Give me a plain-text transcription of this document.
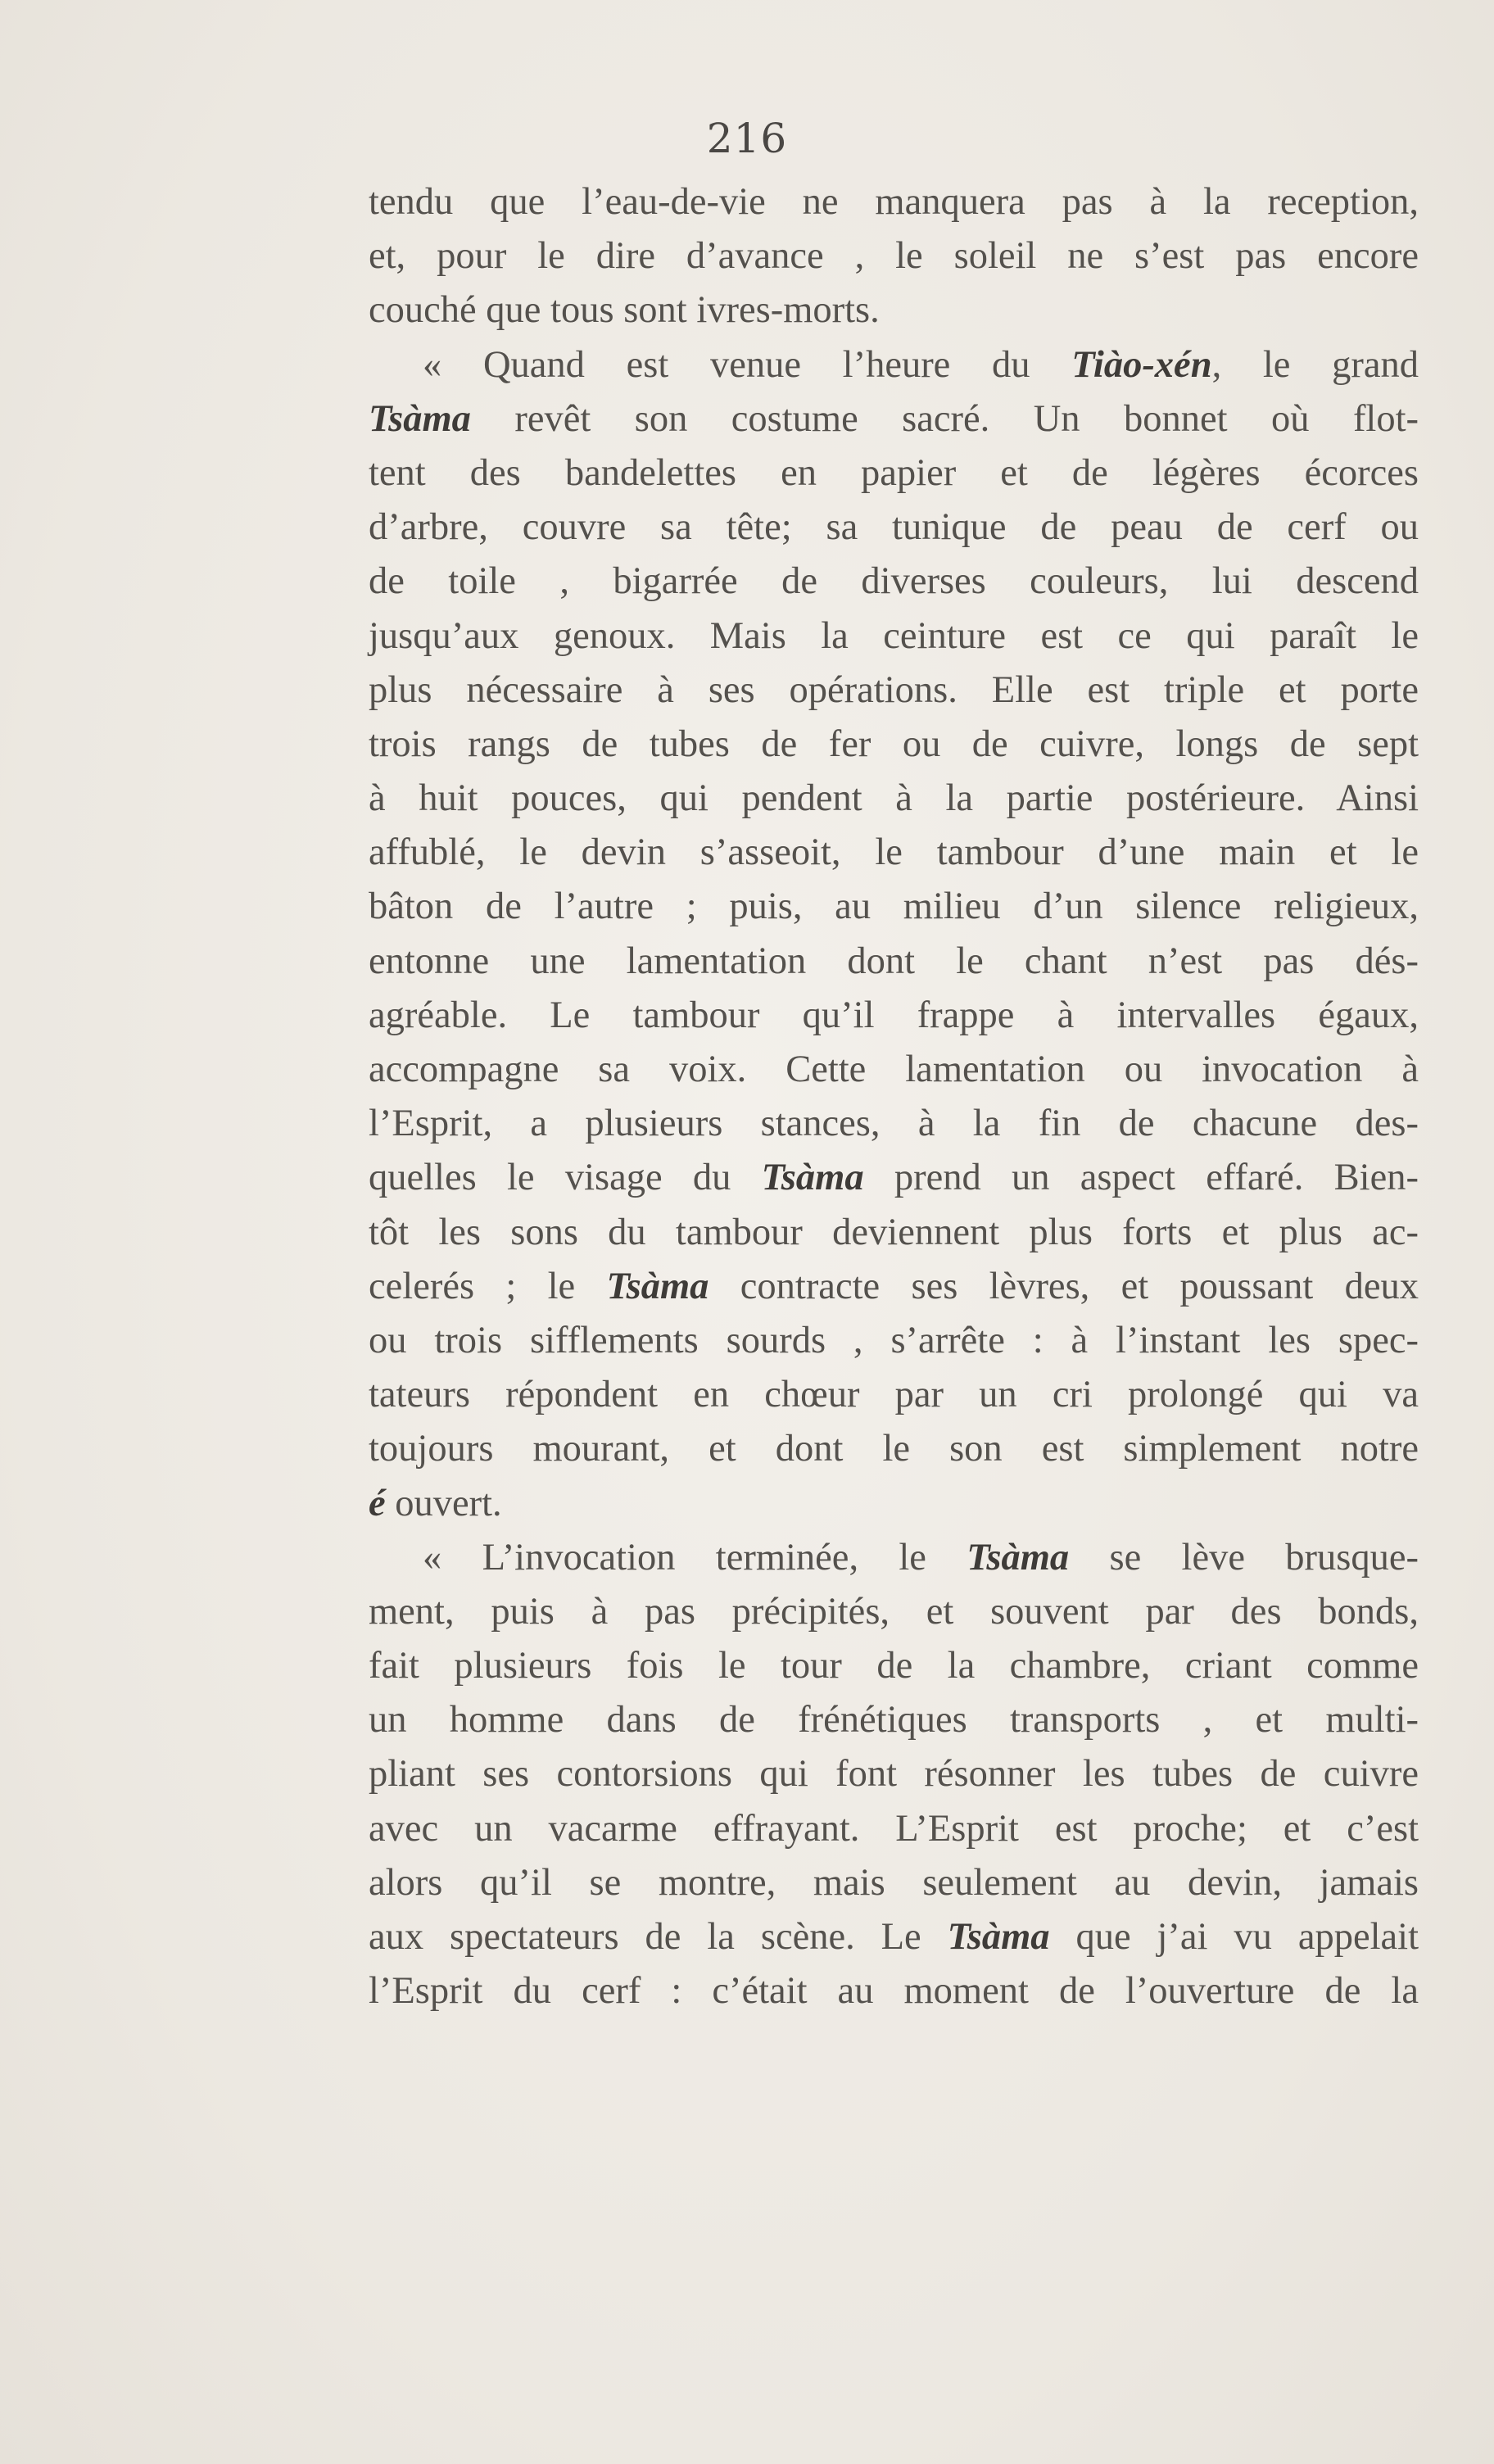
216
tendu que l’eau-de-vie ne manquera pas à la reception,
et, pour le dire d’avance , le soleil ne s’est pas encore
couché que tous sont ivres-morts.
« Quand est venue l’heure du Tiào-xén, le grand
Tsàma revêt son costume sacré. Un bonnet où flot-
tent des bandelettes en papier et de légères écorces
d’arbre, couvre sa tête; sa tunique de peau de cerf ou
de toile , bigarrée de diverses couleurs, lui descend
jusqu’aux genoux. Mais la ceinture est ce qui paraît le
plus nécessaire à ses opérations. Elle est triple et porte
trois rangs de tubes de fer ou de cuivre, longs de sept
à huit pouces, qui pendent à la partie postérieure. Ainsi
affublé, le devin s’asseoit, le tambour d’une main et le
bâton de l’autre ; puis, au milieu d’un silence religieux,
entonne une lamentation dont le chant n’est pas dés-
agréable. Le tambour qu’il frappe à intervalles égaux,
accompagne sa voix. Cette lamentation ou invocation à
l’Esprit, a plusieurs stances, à la fin de chacune des-
quelles le visage du Tsàma prend un aspect effaré. Bien-
tôt les sons du tambour deviennent plus forts et plus ac-
celerés ; le Tsàma contracte ses lèvres, et poussant deux
ou trois sifflements sourds , s’arrête : à l’instant les spec-
tateurs répondent en chœur par un cri prolongé qui va
toujours mourant, et dont le son est simplement notre
é ouvert.
« L’invocation terminée, le Tsàma se lève brusque-
ment, puis à pas précipités, et souvent par des bonds,
fait plusieurs fois le tour de la chambre, criant comme
un homme dans de frénétiques transports , et multi-
pliant ses contorsions qui font résonner les tubes de cuivre
avec un vacarme effrayant. L’Esprit est proche; et c’est
alors qu’il se montre, mais seulement au devin, jamais
aux spectateurs de la scène. Le Tsàma que j’ai vu appelait
l’Esprit du cerf : c’était au moment de l’ouverture de la
